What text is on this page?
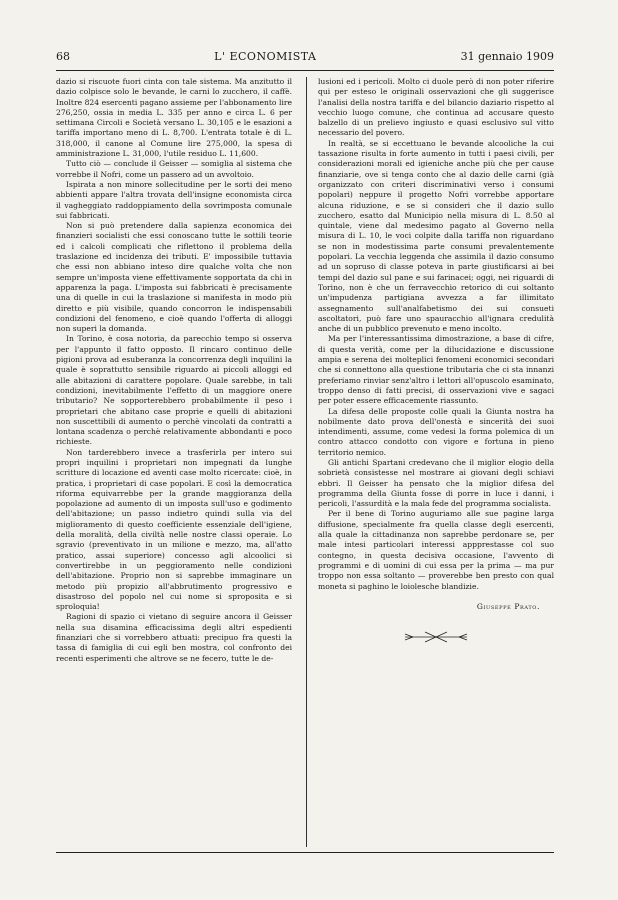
68	L' ECONOMISTA	31 gennaio 1909

dazio si riscuote fuori cinta con tale sistema. Ma anzitutto il dazio colpisce solo le bevande, le carni lo zucchero, il caffè. Inoltre 824 esercenti pagano assieme per l'abbonamento lire 276,250, ossia in media L. 335 per anno e circa L. 6 per settimana Circoli e Società versano L. 30,105 e le esazioni a tariffa importano meno di L. 8,700. L'entrata totale è di L. 318,000, il canone al Comune lire 275,000, la spesa di amministrazione L. 31,000, l'utile residuo L. 11,600.

Tutto ciò — conclude il Geisser — somiglia al sistema che vorrebbe il Nofri, come un passero ad un avvoltoio.

Ispirata a non minore sollecitudine per le sorti dei meno abbienti appare l'altra trovata dell'insigne economista circa il vagheggiato raddoppiamento della sovrimposta comunale sui fabbricati.

Non si può pretendere dalla sapienza economica dei finanzieri socialisti che essi conoscano tutte le sottili teorie ed i calcoli complicati che riflettono il problema della traslazione ed incidenza dei tributi. E' impossibile tuttavia che essi non abbiano inteso dire qualche volta che non sempre un'imposta viene effettivamente sopportata da chi in apparenza la paga. L'imposta sui fabbricati è precisamente una di quelle in cui la traslazione si manifesta in modo più diretto e più visibile, quando concorron le indispensabili condizioni del fenomeno, e cioè quando l'offerta di alloggi non superi la domanda.

In Torino, è cosa notoria, da parecchio tempo si osserva per l'appunto il fatto opposto. Il rincaro continuo delle pigioni prova ad esuberanza la concorrenza degli inquilini la quale è soprattutto sensibile riguardo ai piccoli alloggi ed alle abitazioni di carattere popolare. Quale sarebbe, in tali condizioni, inevitabilmente l'effetto di un maggiore onere tributario? Ne sopporterebbero probabilmente il peso i proprietari che abitano case proprie e quelli di abitazioni non suscettibili di aumento o perchè vincolati da contratti a lontana scadenza o perchè relativamente abbondanti e poco richieste.

Non tarderebbero invece a trasferirla per intero sui propri inquilini i proprietari non impegnati da lunghe scritture di locazione ed aventi case molto ricercate: cioè, in pratica, i proprietari di case popolari. E così la democratica riforma equivarrebbe per la grande maggioranza della popolazione ad aumento di un imposta sull'uso e godimento dell'abitazione; un passo indietro quindi sulla via del miglioramento di questo coefficiente essenziale dell'igiene, della moralità, della civiltà nelle nostre classi operaie. Lo sgravio (preventivato in un milione e mezzo, ma, all'atto pratico, assai superiore) concesso agli alcoolici si convertirebbe in un peggioramento nelle condizioni dell'abitazione. Proprio non si saprebbe immaginare un metodo più propizio all'abbrutimento progressivo e disastroso del popolo nel cui nome si spropositа e si sproloquia!

Ragioni di spazio ci vietano di seguire ancora il Geisser nella sua disamina efficacissima degli altri espedienti finanziari che si vorrebbero attuati: precipuo fra questi la tassa di famiglia di cui egli ben mostra, col confronto dei recenti esperimenti che altrove se ne fecero, tutte le de-

lusioni ed i pericoli. Molto ci duole però di non poter riferire qui per esteso le originali osservazioni che gli suggerisce l'analisi della nostra tariffa e del bilancio daziario rispetto al vecchio luogo comune, che continua ad accusare questo balzello di un prelievo ingiusto e quasi esclusivo sul vitto necessario del povero.

In realtà, se si eccettuano le bevande alcooliche la cui tassazione risulta in forte aumento in tutti i paesi civili, per considerazioni morali ed igieniche anche più che per cause finanziarie, ove si tenga conto che al dazio delle carni (già organizzato con criteri discriminativi verso i consumi popolari) neppure il progetto Nofri vorrebbe apportare alcuna riduzione, e se si consideri che il dazio sullo zucchero, esatto dal Municipio nella misura di L. 8.50 al quintale, viene dal medesimo pagato al Governo nella misura di L. 10, le voci colpite dalla tariffa non riguardano se non in modestissima parte consumi prevalentemente popolari. La vecchia leggenda che assimila il dazio consumo ad un sopruso di classe poteva in parte giustificarsi ai bei tempi del dazio sul pane e sui farinacei; oggi, nei riguardi di Torino, non è che un ferravecchio retorico di cui soltanto un'impudenza partigiana avvezza a far illimitato assegnamento sull'analfabetismo dei sui consueti ascoltatori, può fare uno spauracchio all'ignara credulità anche di un pubblico prevenuto e meno incolto.

Ma per l'interessantissima dimostrazione, a base di cifre, di questa verità, come per la dilucidazione e discussione ampia e serena dei molteplici fenomeni economici secondari che si connettono alla questione tributaria che ci sta innanzi preferiamo rinviar senz'altro i lettori all'opuscolo esaminato, troppo denso di fatti precisi, di osservazioni vive e sagaci per poter essere efficacemente riassunto.

La difesa delle proposte colle quali la Giunta nostra ha nobilmente dato prova dell'onestà e sincerità dei suoi intendimenti, assume, come vedesi la forma polemica di un contro attacco condotto con vigore e fortuna in pieno territorio nemico.

Gli antichi Spartani credevano che il miglior elogio della sobrietà consistesse nel mostrare ai giovani degli schiavi ebbri. Il Geisser ha pensato che la miglior difesa del programma della Giunta fosse di porre in luce i danni, i pericoli, l'assurdità e la mala fede del programma socialista.

Per il bene di Torino auguriamo alle sue pagine larga diffusione, specialmente fra quella classe degli esercenti, alla quale la cittadinanza non saprebbe perdonare se, per male intesi particolari interessi appprestasse col suo contegno, in questa decisiva occasione, l'avvento di programmi e di uomini di cui essa per la prima — ma pur troppo non essa soltanto — proverebbe ben presto con qual moneta si paghino le loiolesche blandizie.

Giuseppe Prato.
